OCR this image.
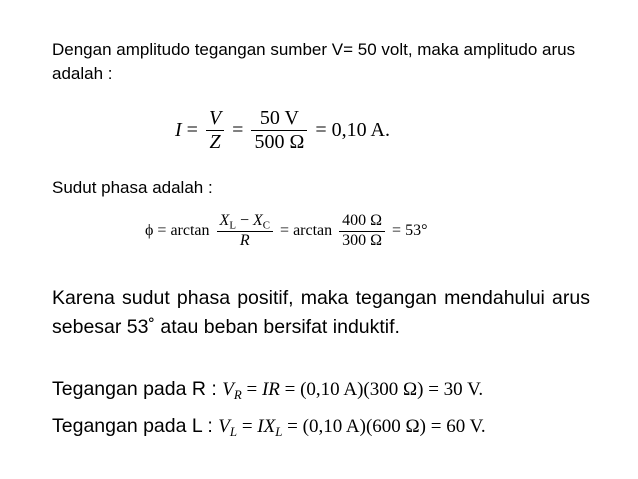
Dengan amplitudo tegangan sumber V= 50 volt, maka amplitudo arus adalah :
$I = \frac{V}{Z} = \frac{50 V}{500 \Omega} = 0,10$ A.
Sudut phasa adalah :
$\phi = \arctan \frac{X_L - X_C}{R} = \arctan \frac{400 \Omega}{300 \Omega} = 53^\circ$
Karena sudut phasa positif, maka tegangan mendahului arus sebesar 53˚ atau beban bersifat induktif.
Tegangan pada R : $V_R$ = IR = (0,10 A)(300 Ω) = 30 V.
Tegangan pada L : $V_L = IX_L = (0,10$ A)(600 Ω) = 60 V.
